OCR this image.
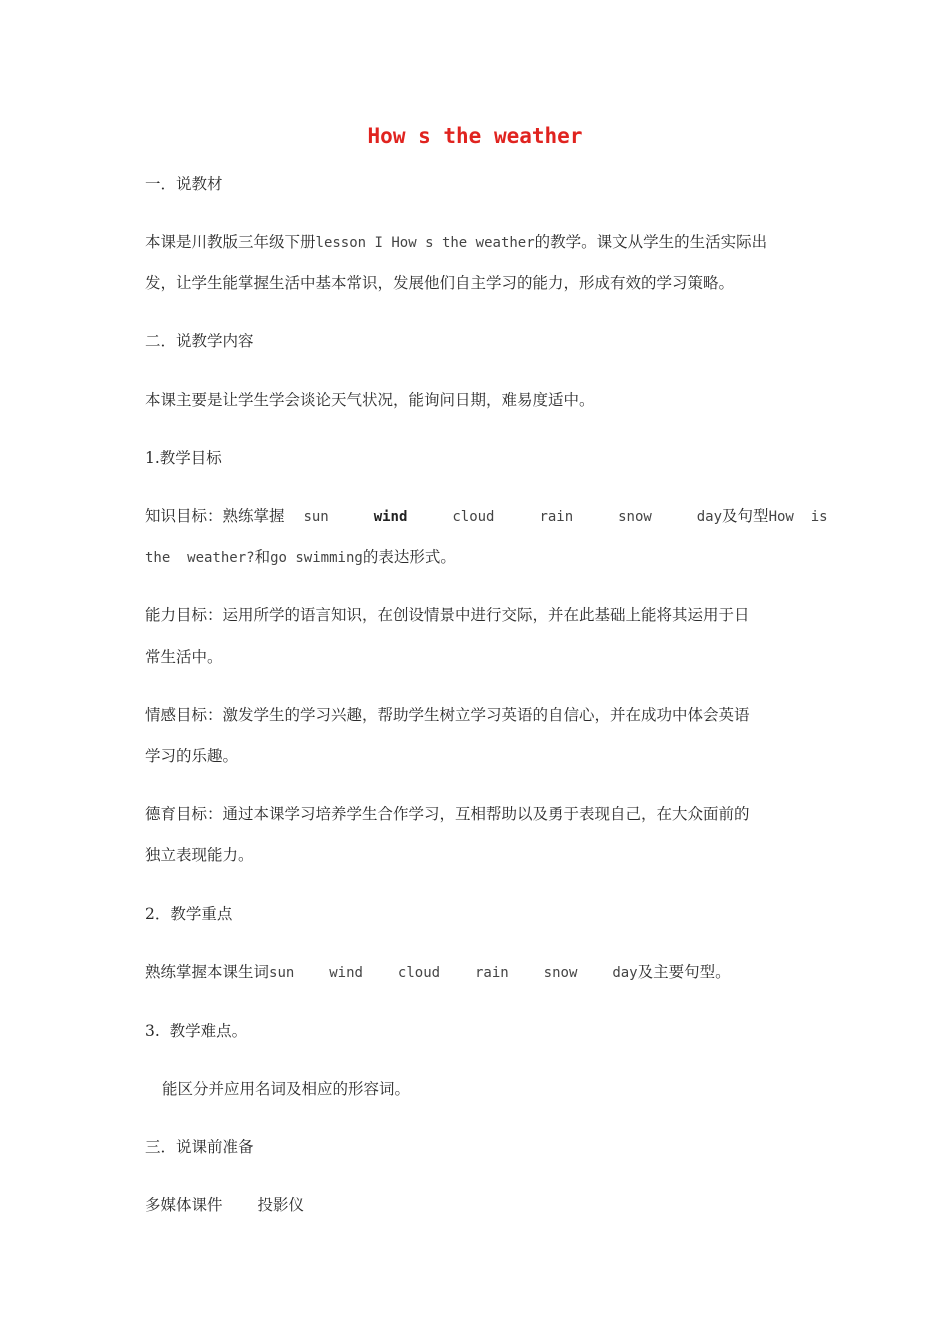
How s the weather
一．说教材
本课是川教版三年级下册lesson I How s the weather的教学。课文从学生的生活实际出
发，让学生能掌握生活中基本常识，发展他们自主学习的能力，形成有效的学习策略。
二．说教学内容
本课主要是让学生学会谈论天气状况，能询问日期，难易度适中。
1.教学目标
知识目标：熟练掌握 sun	wind	cloud	rain	snow	day及句型How  is
the  weather?和go swimming的表达形式。
能力目标：运用所学的语言知识，在创设情景中进行交际，并在此基础上能将其运用于日
常生活中。
情感目标：激发学生的学习兴趣，帮助学生树立学习英语的自信心，并在成功中体会英语
学习的乐趣。
德育目标：通过本课学习培养学生合作学习，互相帮助以及勇于表现自己，在大众面前的
独立表现能力。
2．教学重点
熟练掌握本课生词sun wind cloud rain snow day及主要句型。
3.  教学难点。
能区分并应用名词及相应的形容词。
三．说课前准备
多媒体课件 投影仪
